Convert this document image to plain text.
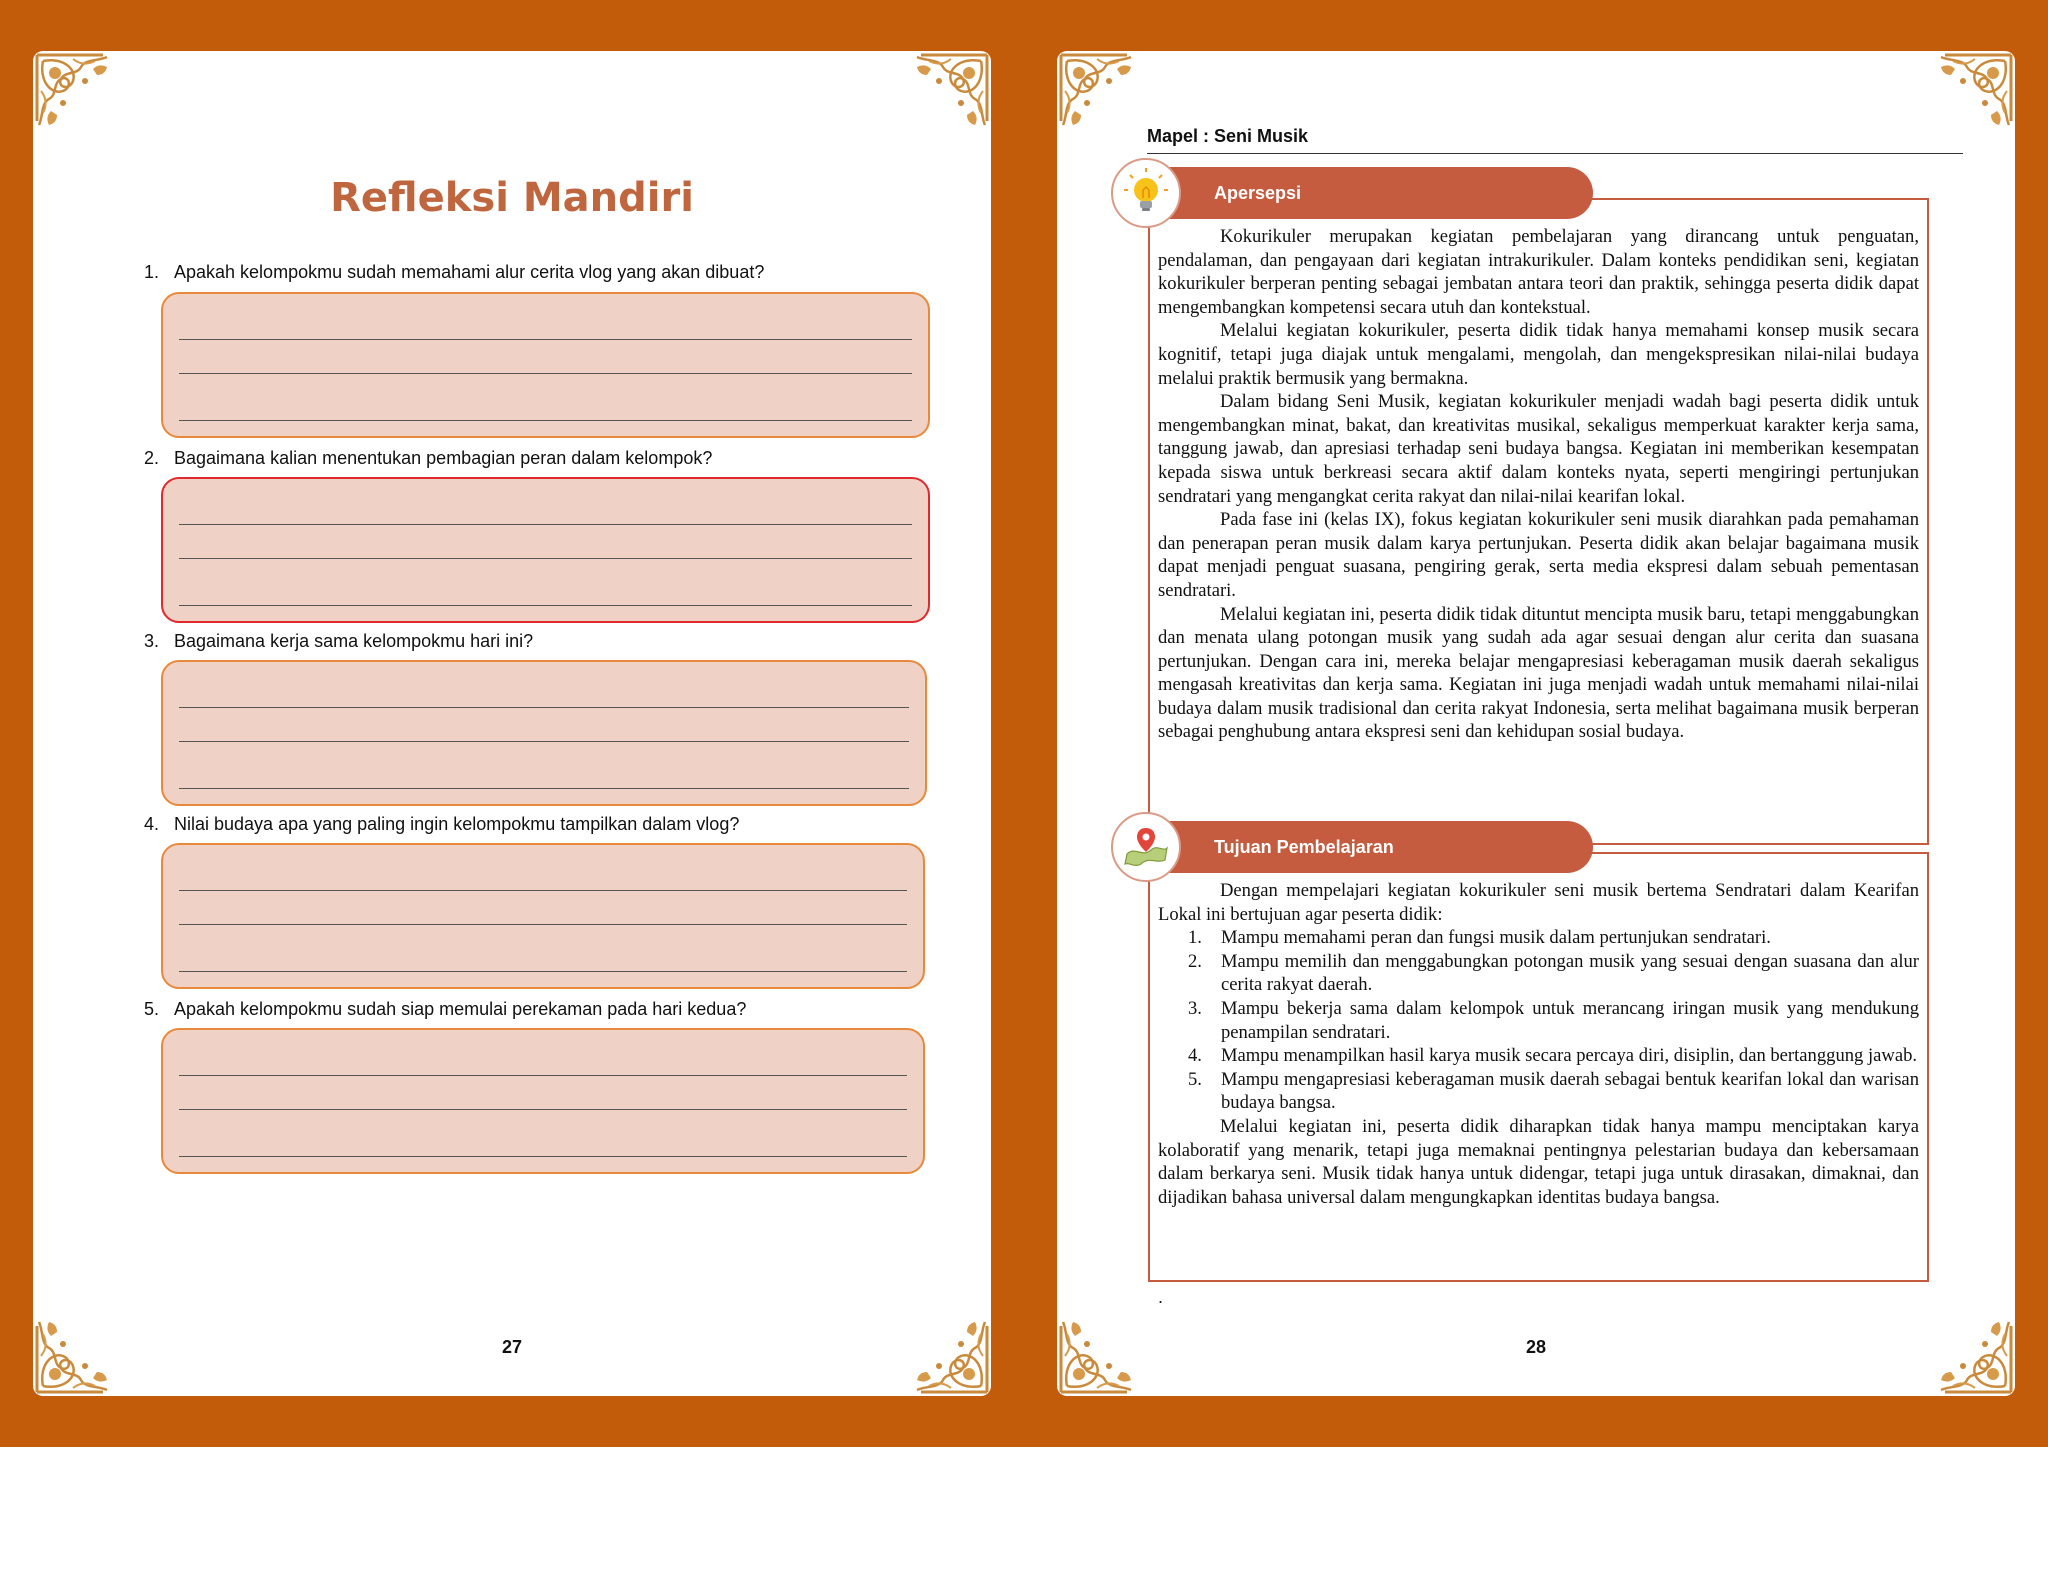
Refleksi Mandiri
1. Apakah kelompokmu sudah memahami alur cerita vlog yang akan dibuat?
2. Bagaimana kalian menentukan pembagian peran dalam kelompok?
3. Bagaimana kerja sama kelompokmu hari ini?
4. Nilai budaya apa yang paling ingin kelompokmu tampilkan dalam vlog?
5. Apakah kelompokmu sudah siap memulai perekaman pada hari kedua?
27
Mapel : Seni Musik
Apersepsi

Kokurikuler merupakan kegiatan pembelajaran yang dirancang untuk penguatan, pendalaman, dan pengayaan dari kegiatan intrakurikuler. Dalam konteks pendidikan seni, kegiatan kokurikuler berperan penting sebagai jembatan antara teori dan praktik, sehingga peserta didik dapat mengembangkan kompetensi secara utuh dan kontekstual.

Melalui kegiatan kokurikuler, peserta didik tidak hanya memahami konsep musik secara kognitif, tetapi juga diajak untuk mengalami, mengolah, dan mengekspresikan nilai-nilai budaya melalui praktik bermusik yang bermakna.

Dalam bidang Seni Musik, kegiatan kokurikuler menjadi wadah bagi peserta didik untuk mengembangkan minat, bakat, dan kreativitas musikal, sekaligus memperkuat karakter kerja sama, tanggung jawab, dan apresiasi terhadap seni budaya bangsa. Kegiatan ini memberikan kesempatan kepada siswa untuk berkreasi secara aktif dalam konteks nyata, seperti mengiringi pertunjukan sendratari yang mengangkat cerita rakyat dan nilai-nilai kearifan lokal.

Pada fase ini (kelas IX), fokus kegiatan kokurikuler seni musik diarahkan pada pemahaman dan penerapan peran musik dalam karya pertunjukan. Peserta didik akan belajar bagaimana musik dapat menjadi penguat suasana, pengiring gerak, serta media ekspresi dalam sebuah pementasan sendratari.

Melalui kegiatan ini, peserta didik tidak dituntut mencipta musik baru, tetapi menggabungkan dan menata ulang potongan musik yang sudah ada agar sesuai dengan alur cerita dan suasana pertunjukan. Dengan cara ini, mereka belajar mengapresiasi keberagaman musik daerah sekaligus mengasah kreativitas dan kerja sama. Kegiatan ini juga menjadi wadah untuk memahami nilai-nilai budaya dalam musik tradisional dan cerita rakyat Indonesia, serta melihat bagaimana musik berperan sebagai penghubung antara ekspresi seni dan kehidupan sosial budaya.

Tujuan Pembelajaran

Dengan mempelajari kegiatan kokurikuler seni musik bertema Sendratari dalam Kearifan Lokal ini bertujuan agar peserta didik:

1. Mampu memahami peran dan fungsi musik dalam pertunjukan sendratari.
2. Mampu memilih dan menggabungkan potongan musik yang sesuai dengan suasana dan alur cerita rakyat daerah.
3. Mampu bekerja sama dalam kelompok untuk merancang iringan musik yang mendukung penampilan sendratari.
4. Mampu menampilkan hasil karya musik secara percaya diri, disiplin, dan bertanggung jawab.
5. Mampu mengapresiasi keberagaman musik daerah sebagai bentuk kearifan lokal dan warisan budaya bangsa.

Melalui kegiatan ini, peserta didik diharapkan tidak hanya mampu menciptakan karya kolaboratif yang menarik, tetapi juga memaknai pentingnya pelestarian budaya dan kebersamaan dalam berkarya seni. Musik tidak hanya untuk didengar, tetapi juga untuk dirasakan, dimaknai, dan dijadikan bahasa universal dalam mengungkapkan identitas budaya bangsa.

.
28
